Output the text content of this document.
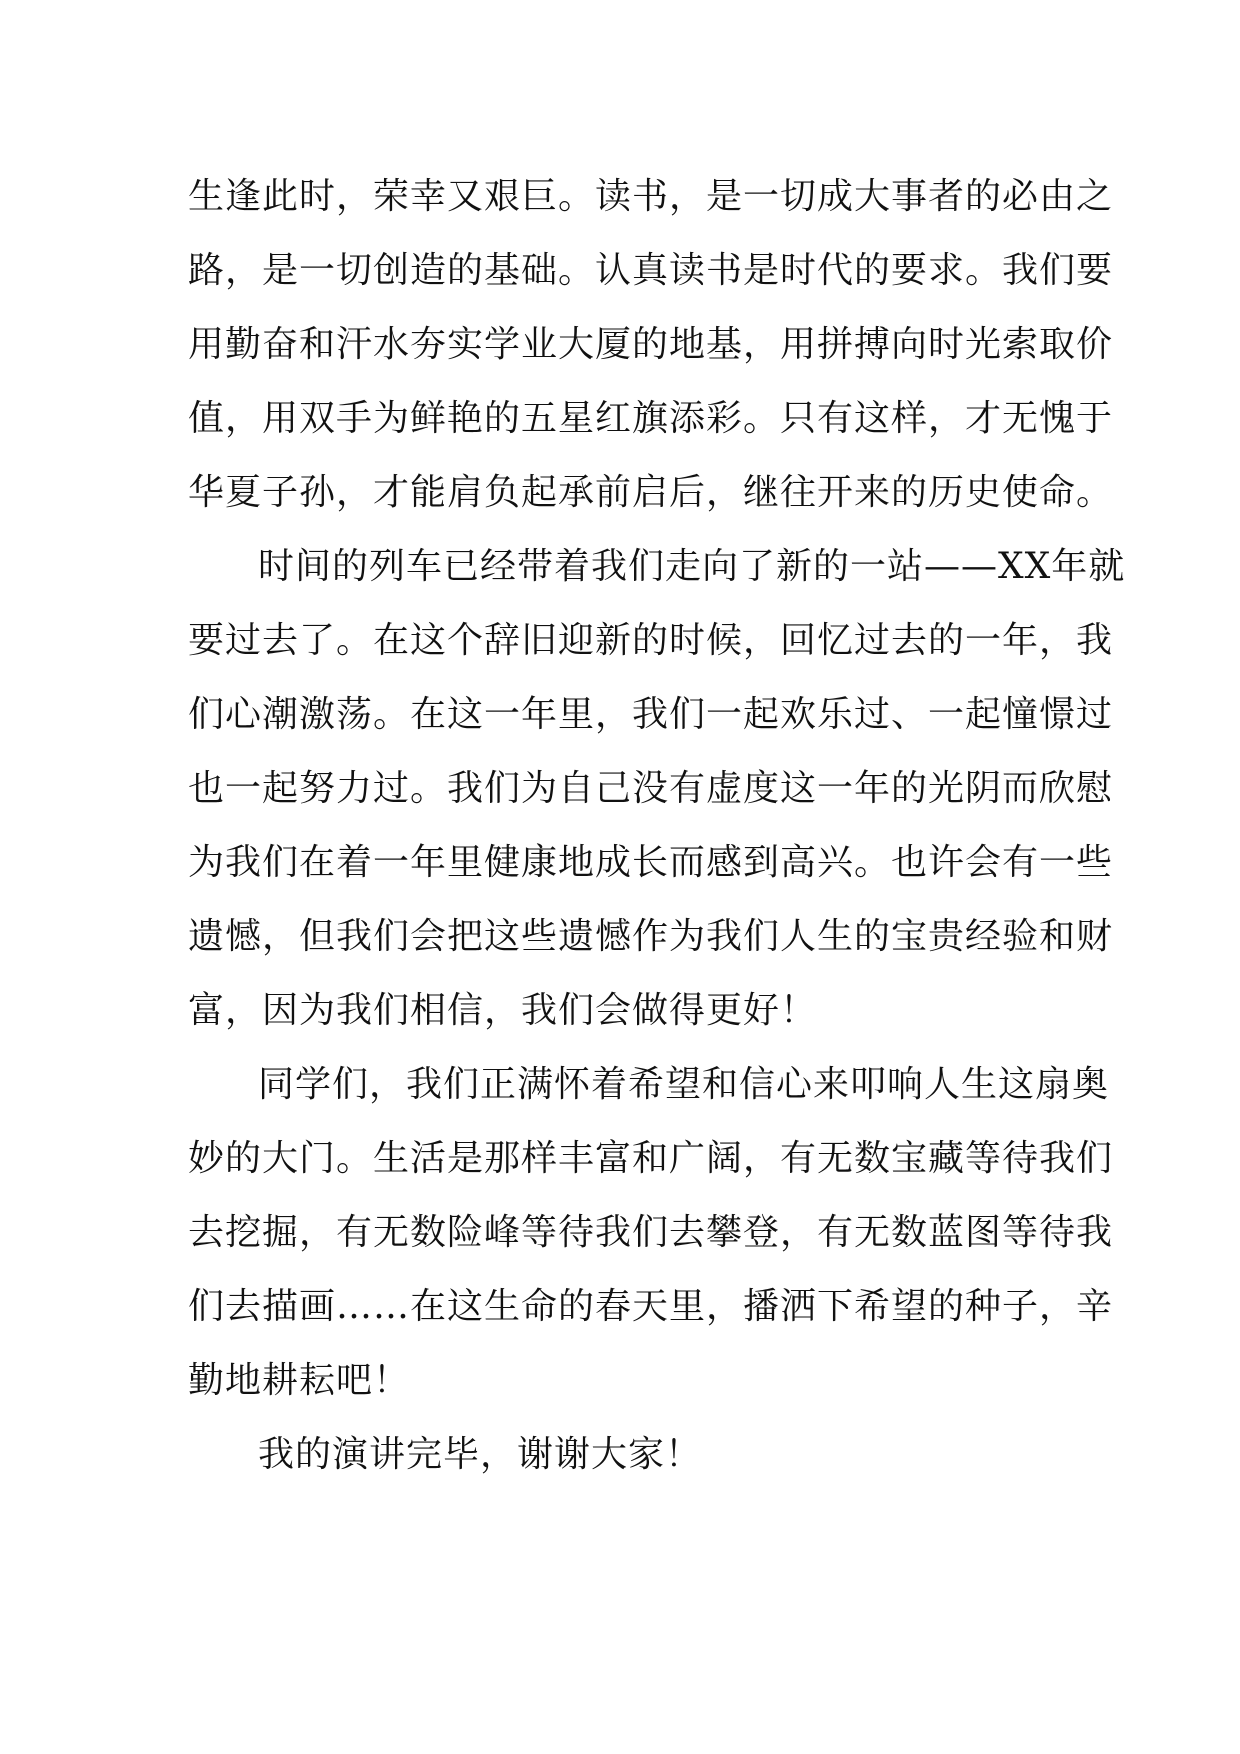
生逢此时，荣幸又艰巨。读书，是一切成大事者的必由之
路，是一切创造的基础。认真读书是时代的要求。我们要
用勤奋和汗水夯实学业大厦的地基，用拼搏向时光索取价
值，用双手为鲜艳的五星红旗添彩。只有这样，才无愧于
华夏子孙，才能肩负起承前启后，继往开来的历史使命。
时间的列车已经带着我们走向了新的一站——XX年就
要过去了。在这个辞旧迎新的时候，回忆过去的一年，我
们心潮激荡。在这一年里，我们一起欢乐过、一起憧憬过
也一起努力过。我们为自己没有虚度这一年的光阴而欣慰
为我们在着一年里健康地成长而感到高兴。也许会有一些
遗憾，但我们会把这些遗憾作为我们人生的宝贵经验和财
富，因为我们相信，我们会做得更好！
同学们，我们正满怀着希望和信心来叩响人生这扇奥
妙的大门。生活是那样丰富和广阔，有无数宝藏等待我们
去挖掘，有无数险峰等待我们去攀登，有无数蓝图等待我
们去描画……在这生命的春天里，播洒下希望的种子，辛
勤地耕耘吧！
我的演讲完毕，谢谢大家！
